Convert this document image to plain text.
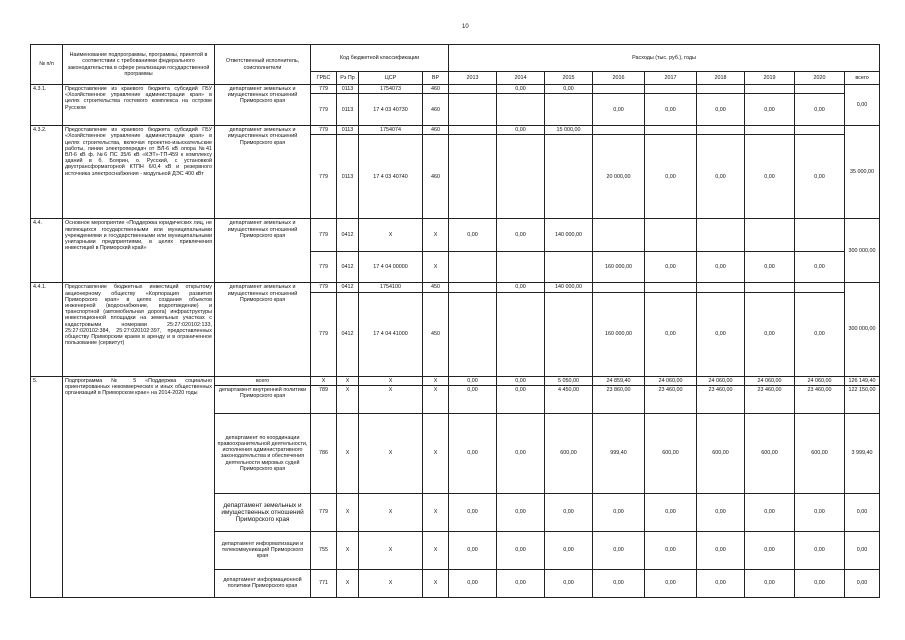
10
№ п/п	Наименование подпрограммы, программы, принятой в соответствии с требованиями федерального законодательства в сфере реализации государственной программы	Ответственный исполнитель, соисполнители	Код бюджетной классификации				Расходы (тыс. руб.), годы								
			ГРБС	Рз Пр	ЦСР	ВР	2013	2014	2015	2016	2017	2018	2019	2020	всего
4.3.1.	Предоставление из краевого бюджета субсидий ГБУ «Хозяйственное управление администрации края» в целях строительства гостевого комплекса на острове Русском	департамент земельных и имущественных отношений Приморского края	779	0113	1754073	460		0,00	0,00						0,00
			779	0113	17 4 03 40730	460				0,00	0,00	0,00	0,00	0,00	
4.3.2.	Предоставление из краевого бюджета субсидий ГБУ «Хозяйственное управление администрации края» в целях строительства, включая проектно-изыскательские работы, линии электропередач от ВЛ-6 кВ опора №41 ВЛ-6 кВ ф. №6 ПС 35/6 кВ «КЭТ»-ТП-459 к комплексу зданий в б. Боярин, о. Русский, с установкой двухтрансформаторной КТПН 6/0,4 кВ и резервного источника электроснабжения - модульной ДЭС 400 кВт	департамент земельных и имущественных отношений Приморского края	779	0113	1754074	460		0,00	15 000,00						35 000,00
			779	0113	17 4 03 40740	460				20 000,00	0,00	0,00	0,00	0,00	
4.4.	Основное мероприятие «Поддержка юридических лиц, не являющихся государственными или муниципальными учреждениями и государственными или муниципальными унитарными предприятиями, в целях привлечения инвестиций в Приморский край»	департамент земельных и имущественных отношений Приморского края	779	0412	X	X	0,00	0,00	140 000,00						300 000,00
			779	0412	17 4 04 00000	X				160 000,00	0,00	0,00	0,00	0,00	
4.4.1.	Предоставление бюджетных инвестиций открытому акционерному обществу «Корпорация развития Приморского края» в целях создания объектов инженерной (водоснабжение, водоотведение) и транспортной (автомобильная дорога) инфраструктуры инвестиционной площадки на земельных участках с кадастровыми номерами 25:27:020102:133, 25:27:020102:384, 25:27:020102:397, предоставленных обществу Приморским краем в аренду и в ограниченное пользование (сервитут)	департамент земельных и имущественных отношений Приморского края	779	0412	1754100	450		0,00	140 000,00						300 000,00
			779	0412	17 4 04 41000	450				160 000,00	0,00	0,00	0,00	0,00	
5.	Подпрограмма № 5 «Поддержка социально ориентированных некоммерческих и иных общественных организаций в Приморском крае» на 2014-2020 годы	всего	X	X	X	X	0,00	0,00	5 050,00	24 859,40	24 060,00	24 060,00	24 060,00	24 060,00	126 149,40
		департамент внутренней политики Приморского края	789	X	X	X	0,00	0,00	4 450,00	23 860,00	23 460,00	23 460,00	23 460,00	23 460,00	122 150,00
		департамент по координации правоохранительной деятельности, исполнения административного законодательства и обеспечения деятельности мировых судей Приморского края	786	X	X	X	0,00	0,00	600,00	999,40	600,00	600,00	600,00	600,00	3 999,40
		департамент земельных и имущественных отношений Приморского края	779	X	X	X	0,00	0,00	0,00	0,00	0,00	0,00	0,00	0,00	0,00
		департамент информатизации и телекоммуникаций Приморского края	755	X	X	X	0,00	0,00	0,00	0,00	0,00	0,00	0,00	0,00	0,00
		департамент информационной политики Приморского края	771	X	X	X	0,00	0,00	0,00	0,00	0,00	0,00	0,00	0,00	0,00
